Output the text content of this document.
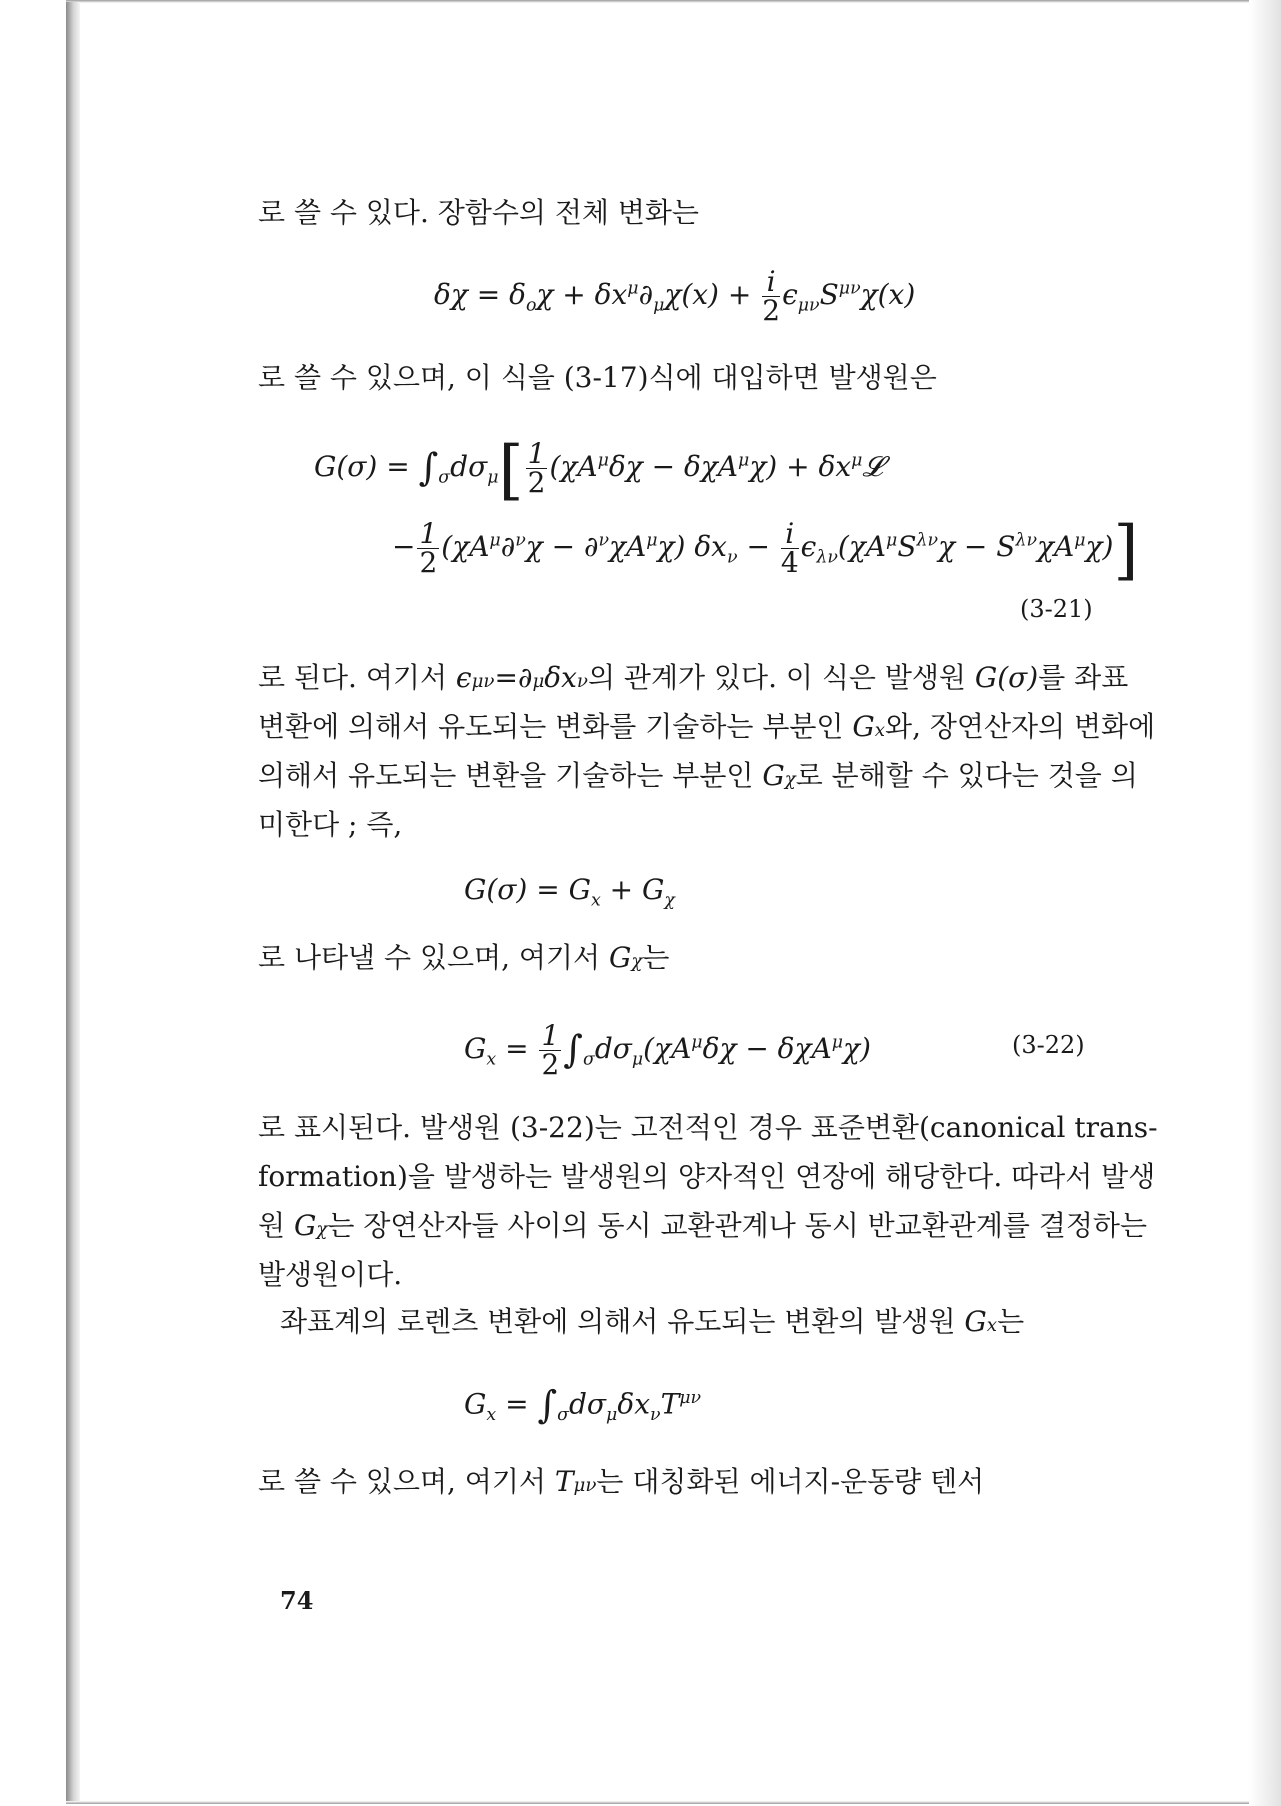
로 쓸 수 있다. 장함수의 전체 변화는
$\delta\chi = \delta_o\chi + \delta x^\mu\partial_\mu\chi(x) + \frac{i}{2} \epsilon_{\mu\nu}S^{\mu\nu}\chi(x)$
로 쓸 수 있으며, 이 식을 (3-17)식에 대입하면 발생원은
$G(\sigma) = \int_\sigma d\sigma_\mu[ \frac{1}{2} (\chi A^\mu\delta\chi - \delta\chi A^\mu\chi)$ + $\delta x^\mu 𝓛$
− $\frac{1}{2} (\chi A^\mu\partial^\nu\chi - \partial^\nu\chi A^\mu\chi) \delta x_\nu - \frac{i}{4} \epsilon_{\lambda\nu}(\chi A^\mu S^{\lambda\nu}\chi - S^{\lambda\nu}\chi A^\mu\chi)$]
(3-21)
로 된다. 여기서 ϵμν=∂μδxν의 관계가 있다. 이 식은 발생원 G(σ)를 좌표
변환에 의해서 유도되는 변화를 기술하는 부분인 Gx와, 장연산자의 변화에
의해서 유도되는 변환을 기술하는 부분인 Gχ로 분해할 수 있다는 것을 의
미한다 ; 즉,
$G(\sigma) = G_x + G_\chi$
로 나타낼 수 있으며, 여기서 Gχ는
$G_x = \frac{1}{2} \int_\sigma d\sigma_\mu(\chi A^\mu\delta\chi - \delta\chi A^\mu\chi)$	(3-22)
로 표시된다. 발생원 (3-22)는 고전적인 경우 표준변환(canonical trans-
formation)을 발생하는 발생원의 양자적인 연장에 해당한다. 따라서 발생
원 Gχ는 장연산자들 사이의 동시 교환관계나 동시 반교환관계를 결정하는
발생원이다.
좌표계의 로렌츠 변환에 의해서 유도되는 변환의 발생원 Gx는
$G_x = \int_\sigma d\sigma_\mu\delta x_\nu T^{\mu\nu}$
로 쓸 수 있으며, 여기서 Tμν는 대칭화된 에너지-운동량 텐서
74
